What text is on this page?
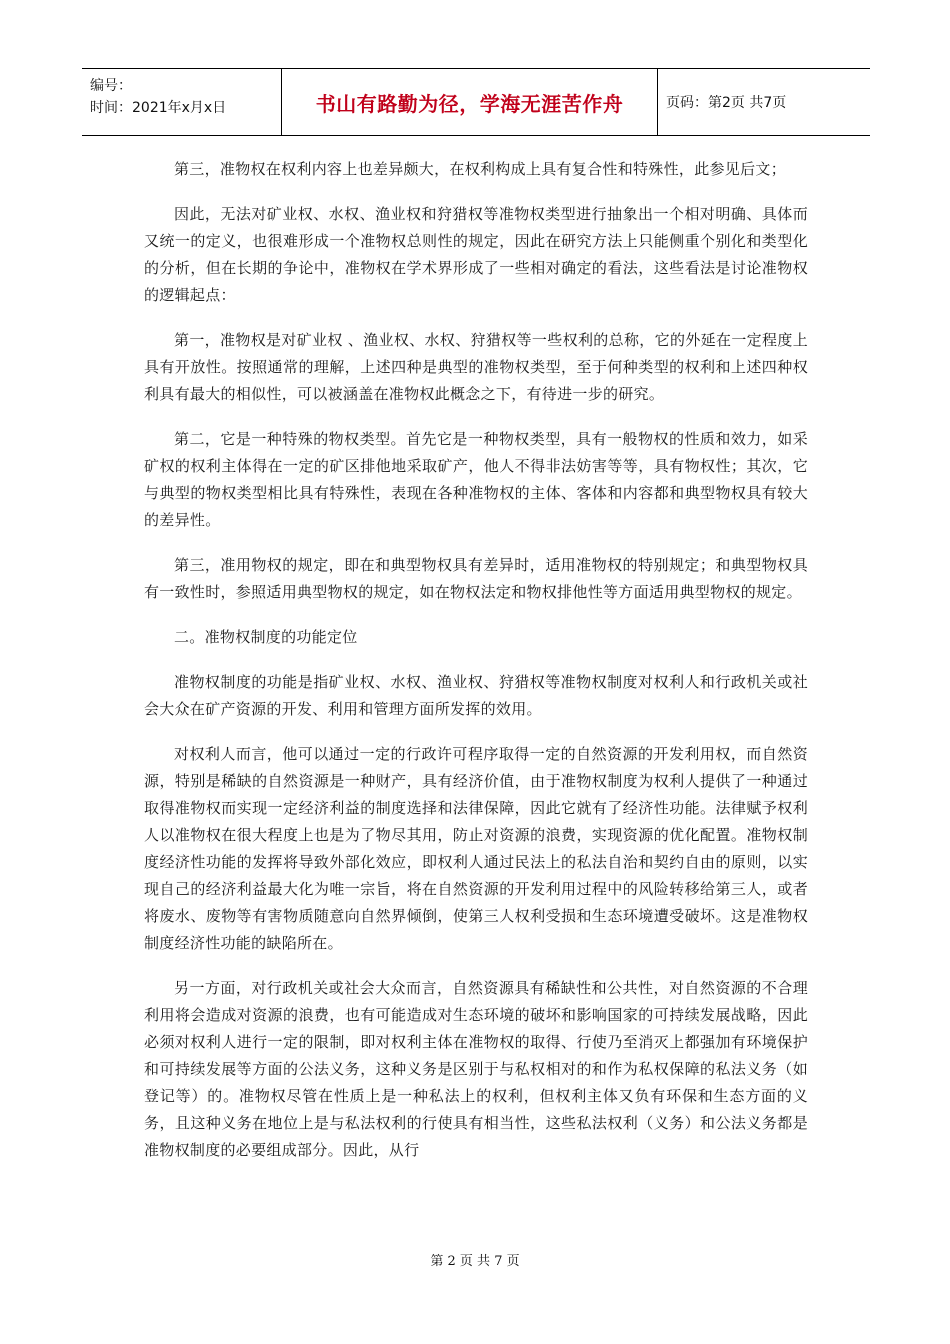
编号：
时间：2021年x月x日	书山有路勤为径，学海无涯苦作舟	页码：第2页 共7页

第三，准物权在权利内容上也差异颇大，在权利构成上具有复合性和特殊性，此参见后文；

因此，无法对矿业权、水权、渔业权和狩猎权等准物权类型进行抽象出一个相对明确、具体而又统一的定义，也很难形成一个准物权总则性的规定，因此在研究方法上只能侧重个别化和类型化的分析，但在长期的争论中，准物权在学术界形成了一些相对确定的看法，这些看法是讨论准物权的逻辑起点：

第一，准物权是对矿业权 、渔业权、水权、狩猎权等一些权利的总称，它的外延在一定程度上具有开放性。按照通常的理解，上述四种是典型的准物权类型，至于何种类型的权利和上述四种权利具有最大的相似性，可以被涵盖在准物权此概念之下，有待进一步的研究。

第二，它是一种特殊的物权类型。首先它是一种物权类型，具有一般物权的性质和效力，如采矿权的权利主体得在一定的矿区排他地采取矿产，他人不得非法妨害等等，具有物权性；其次，它与典型的物权类型相比具有特殊性，表现在各种准物权的主体、客体和内容都和典型物权具有较大的差异性。

第三，准用物权的规定，即在和典型物权具有差异时，适用准物权的特别规定；和典型物权具有一致性时，参照适用典型物权的规定，如在物权法定和物权排他性等方面适用典型物权的规定。

二。准物权制度的功能定位

准物权制度的功能是指矿业权、水权、渔业权、狩猎权等准物权制度对权利人和行政机关或社会大众在矿产资源的开发、利用和管理方面所发挥的效用。

对权利人而言，他可以通过一定的行政许可程序取得一定的自然资源的开发利用权，而自然资源，特别是稀缺的自然资源是一种财产，具有经济价值，由于准物权制度为权利人提供了一种通过取得准物权而实现一定经济利益的制度选择和法律保障，因此它就有了经济性功能。法律赋予权利人以准物权在很大程度上也是为了物尽其用，防止对资源的浪费，实现资源的优化配置。准物权制度经济性功能的发挥将导致外部化效应，即权利人通过民法上的私法自治和契约自由的原则，以实现自己的经济利益最大化为唯一宗旨，将在自然资源的开发利用过程中的风险转移给第三人，或者将废水、废物等有害物质随意向自然界倾倒，使第三人权利受损和生态环境遭受破坏。这是准物权制度经济性功能的缺陷所在。

另一方面，对行政机关或社会大众而言，自然资源具有稀缺性和公共性，对自然资源的不合理利用将会造成对资源的浪费，也有可能造成对生态环境的破坏和影响国家的可持续发展战略，因此必须对权利人进行一定的限制，即对权利主体在准物权的取得、行使乃至消灭上都强加有环境保护和可持续发展等方面的公法义务，这种义务是区别于与私权相对的和作为私权保障的私法义务（如登记等）的。准物权尽管在性质上是一种私法上的权利，但权利主体又负有环保和生态方面的义务，且这种义务在地位上是与私法权利的行使具有相当性，这些私法权利（义务）和公法义务都是准物权制度的必要组成部分。因此，从行

第 2 页 共 7 页
